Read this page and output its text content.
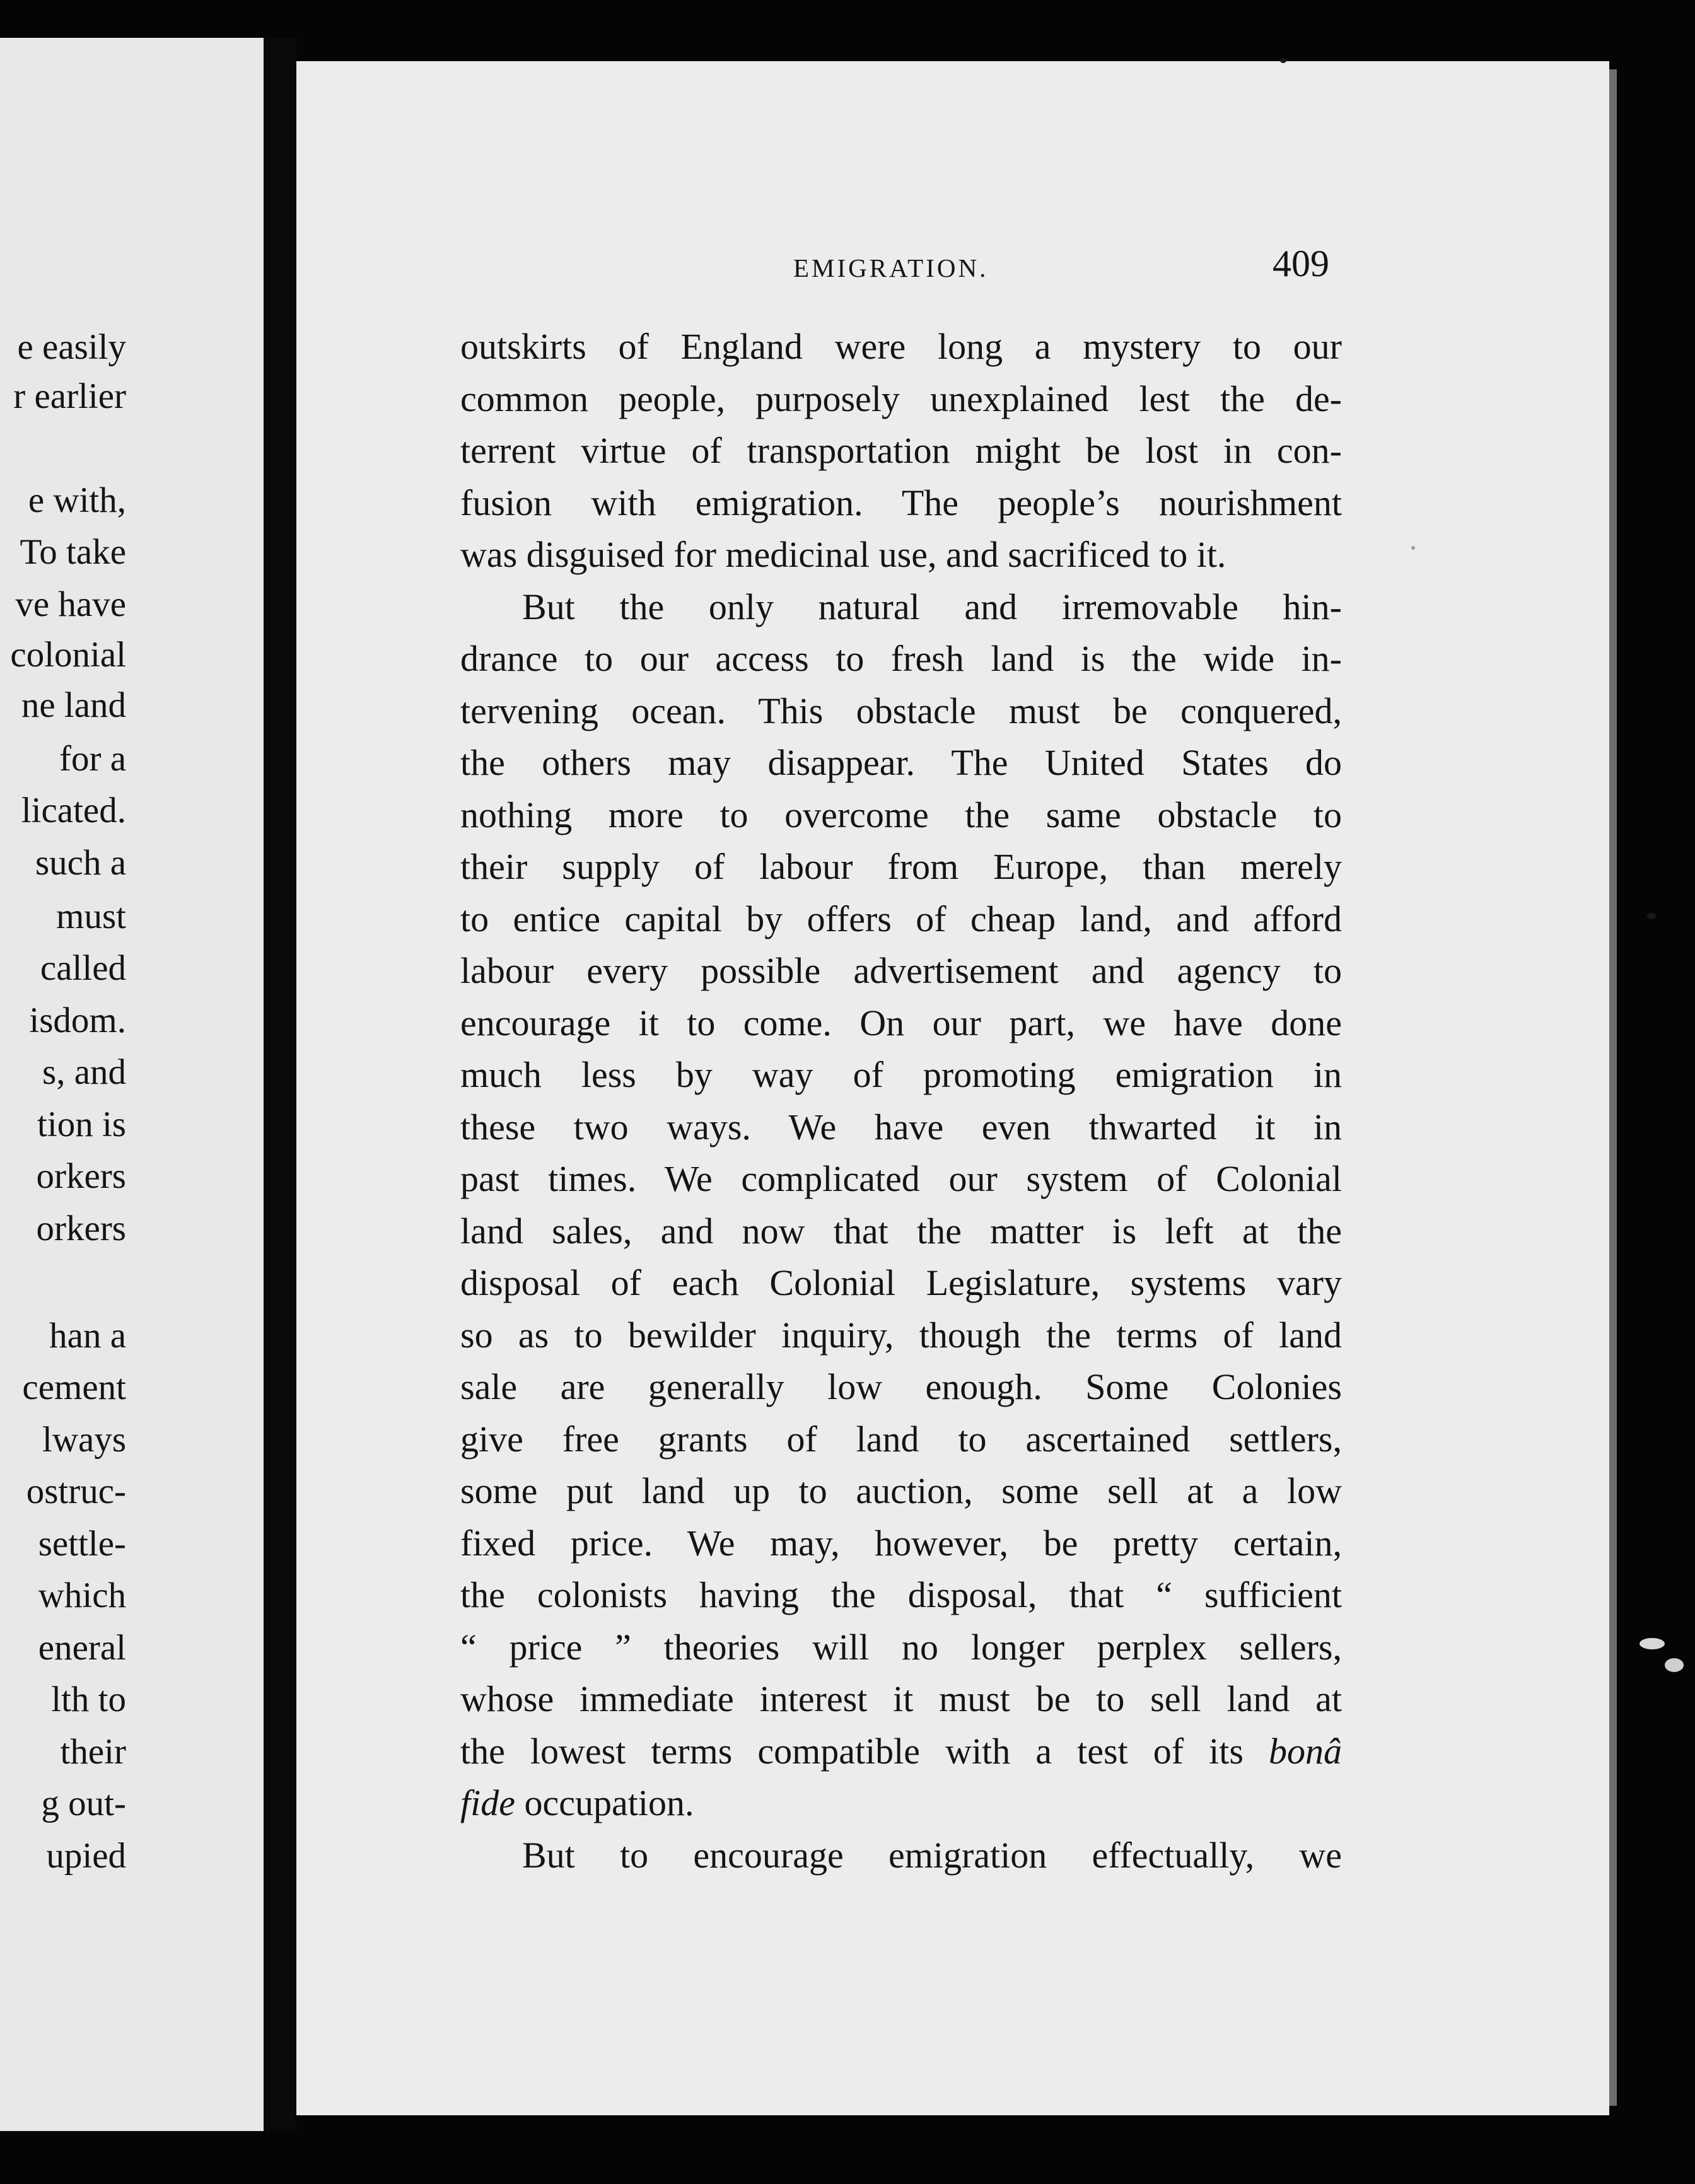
e easily
r earlier
e with,
To take
ve have
colonial
ne land
for a
licated.
such a
must
called
isdom.
s, and
tion is
orkers
orkers
han a
cement
lways
ostruc-
settle-
which
eneral
lth to
their
g out-
upied
EMIGRATION.	409
outskirts of England were long a mystery to our
common people, purposely unexplained lest the de-
terrent virtue of transportation might be lost in con-
fusion with emigration. The people’s nourishment
was disguised for medicinal use, and sacrificed to it.
But the only natural and irremovable hin-
drance to our access to fresh land is the wide in-
tervening ocean. This obstacle must be conquered,
the others may disappear. The United States do
nothing more to overcome the same obstacle to
their supply of labour from Europe, than merely
to entice capital by offers of cheap land, and afford
labour every possible advertisement and agency to
encourage it to come. On our part, we have done
much less by way of promoting emigration in
these two ways. We have even thwarted it in
past times. We complicated our system of Colonial
land sales, and now that the matter is left at the
disposal of each Colonial Legislature, systems vary
so as to bewilder inquiry, though the terms of land
sale are generally low enough. Some Colonies
give free grants of land to ascertained settlers,
some put land up to auction, some sell at a low
fixed price. We may, however, be pretty certain,
the colonists having the disposal, that “ sufficient
“ price ” theories will no longer perplex sellers,
whose immediate interest it must be to sell land at
the lowest terms compatible with a test of its bonâ
fide occupation.
But to encourage emigration effectually, we
